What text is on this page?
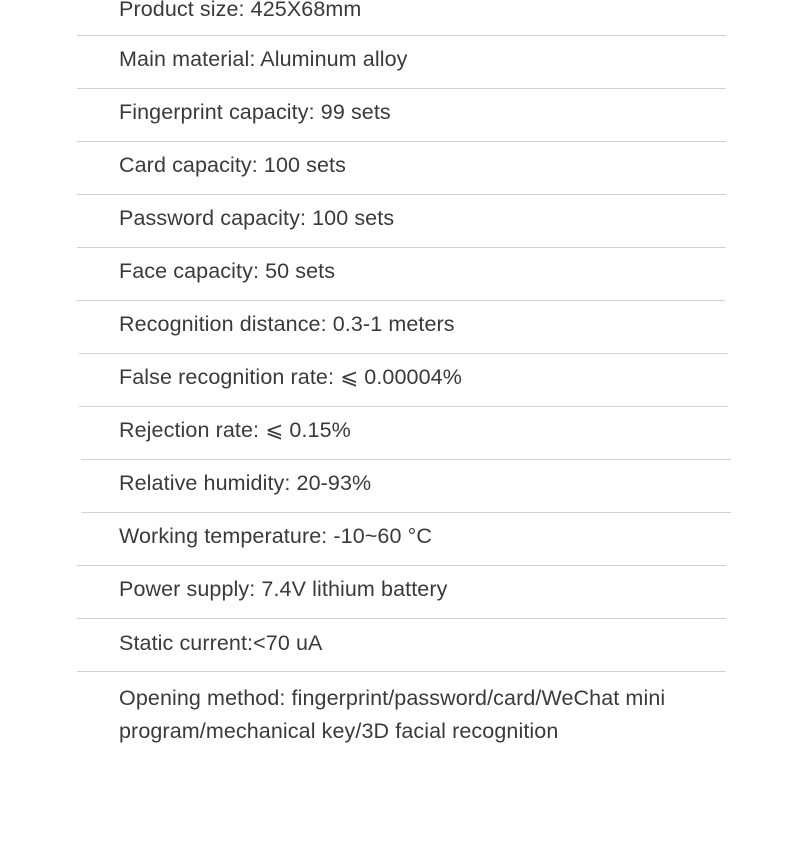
Product size: 425X68mm
Main material: Aluminum alloy
Fingerprint capacity: 99 sets
Card capacity: 100 sets
Password capacity: 100 sets
Face capacity: 50 sets
Recognition distance: 0.3-1 meters
False recognition rate: ⩽ 0.00004%
Rejection rate: ⩽ 0.15%
Relative humidity: 20-93%
Working temperature: -10~60 °C
Power supply: 7.4V lithium battery
Static current:<70 uA
Opening method: fingerprint/password/card/WeChat mini program/mechanical key/3D facial recognition
